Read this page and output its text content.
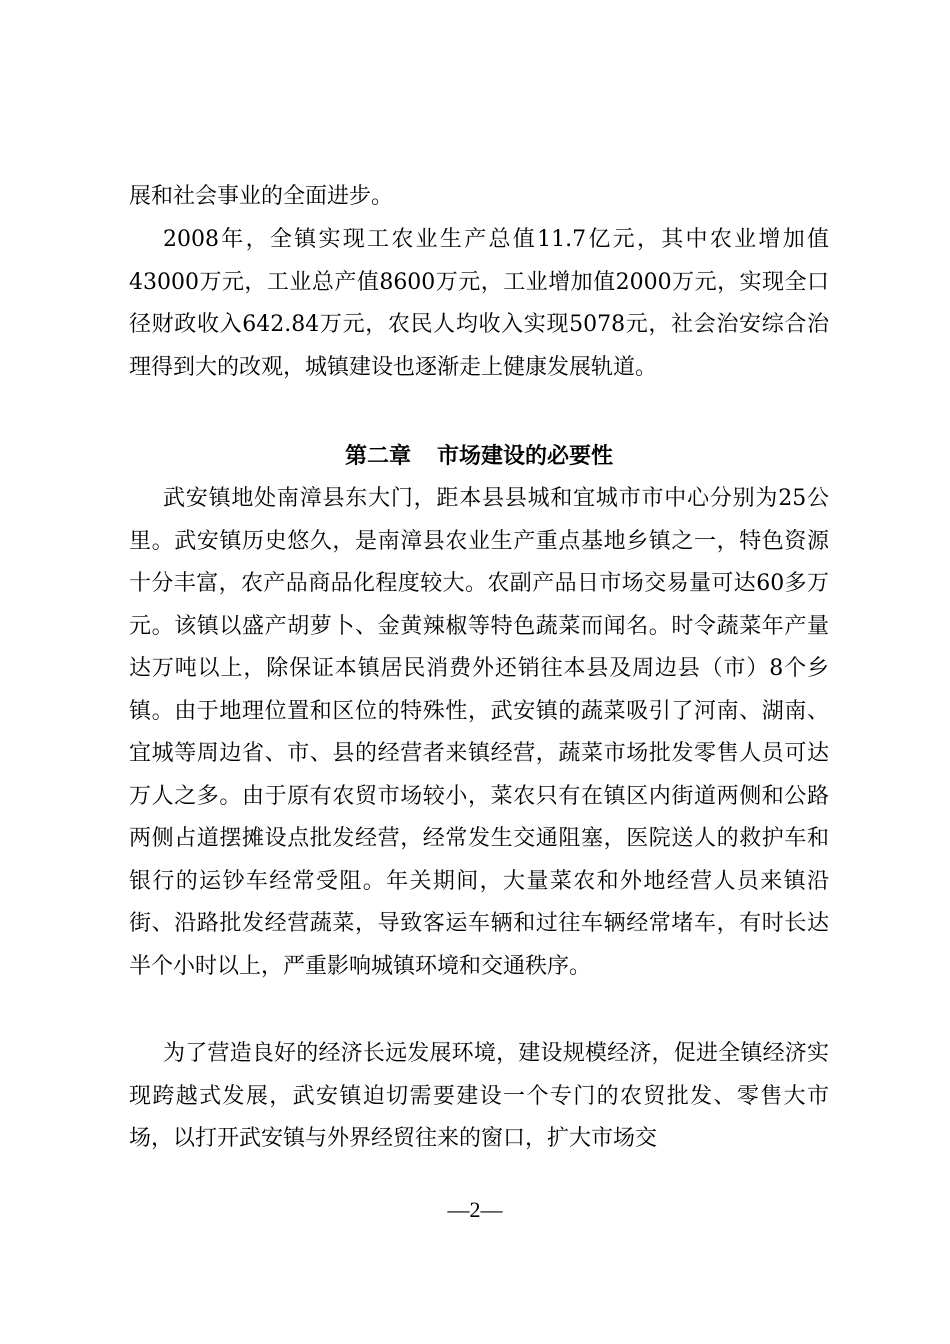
展和社会事业的全面进步。

2008年，全镇实现工农业生产总值11.7亿元，其中农业增加值43000万元，工业总产值8600万元，工业增加值2000万元，实现全口径财政收入642.84万元，农民人均收入实现5078元，社会治安综合治理得到大的改观，城镇建设也逐渐走上健康发展轨道。

第二章 市场建设的必要性

武安镇地处南漳县东大门，距本县县城和宜城市市中心分别为25公里。武安镇历史悠久，是南漳县农业生产重点基地乡镇之一，特色资源十分丰富，农产品商品化程度较大。农副产品日市场交易量可达60多万元。该镇以盛产胡萝卜、金黄辣椒等特色蔬菜而闻名。时令蔬菜年产量达万吨以上，除保证本镇居民消费外还销往本县及周边县（市）8个乡镇。由于地理位置和区位的特殊性，武安镇的蔬菜吸引了河南、湖南、宜城等周边省、市、县的经营者来镇经营，蔬菜市场批发零售人员可达万人之多。由于原有农贸市场较小，菜农只有在镇区内街道两侧和公路两侧占道摆摊设点批发经营，经常发生交通阻塞，医院送人的救护车和银行的运钞车经常受阻。年关期间，大量菜农和外地经营人员来镇沿街、沿路批发经营蔬菜，导致客运车辆和过往车辆经常堵车，有时长达半个小时以上，严重影响城镇环境和交通秩序。

为了营造良好的经济长远发展环境，建设规模经济，促进全镇经济实现跨越式发展，武安镇迫切需要建设一个专门的农贸批发、零售大市场，以打开武安镇与外界经贸往来的窗口，扩大市场交

—2—
